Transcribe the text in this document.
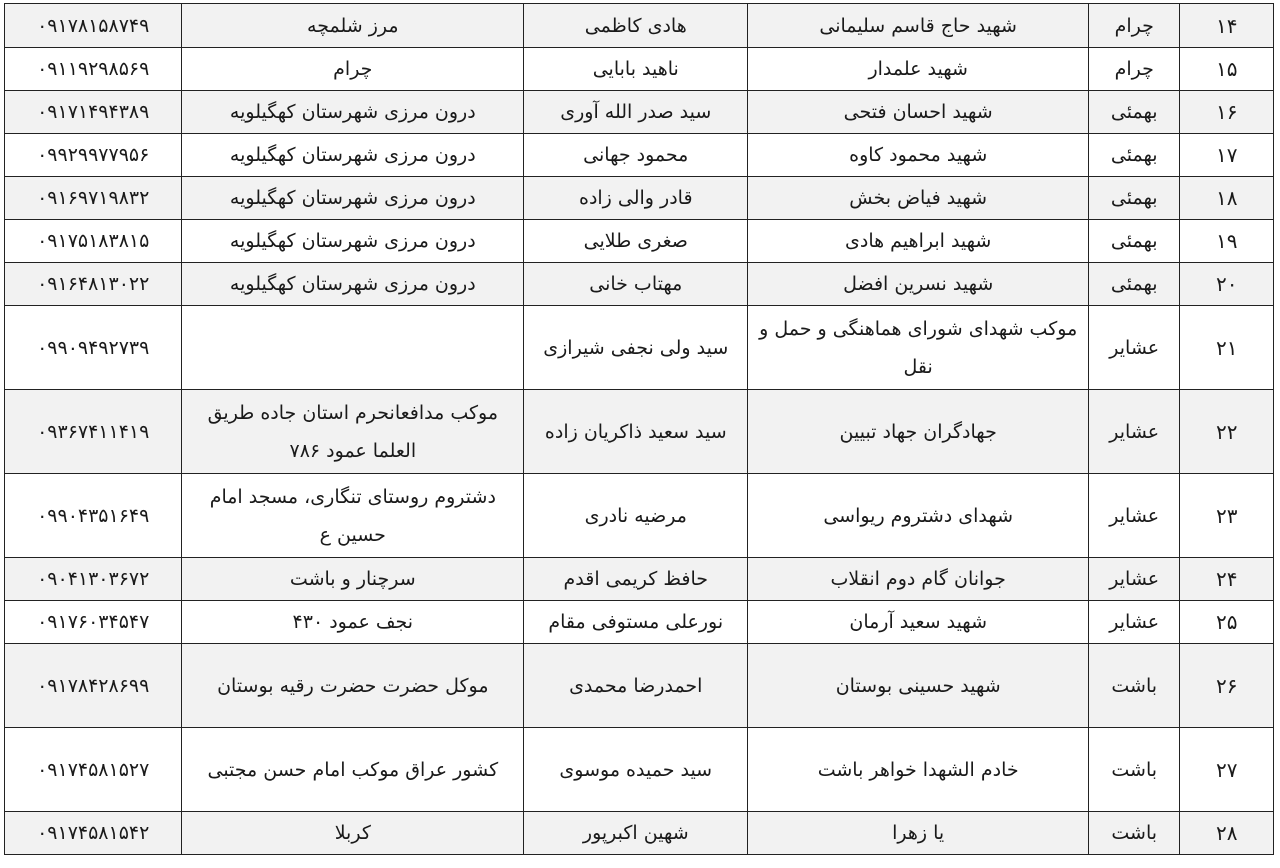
۱۴	چرام	شهید حاج قاسم سلیمانی	هادی کاظمی	مرز شلمچه	۰۹۱۷۸۱۵۸۷۴۹
۱۵	چرام	شهید علمدار	ناهید بابایی	چرام	۰۹۱۱۹۲۹۸۵۶۹
۱۶	بهمئی	شهید احسان فتحی	سید صدر الله آوری	درون مرزی شهرستان کهگیلویه	۰۹۱۷۱۴۹۴۳۸۹
۱۷	بهمئی	شهید محمود کاوه	محمود جهانی	درون مرزی شهرستان کهگیلویه	۰۹۹۲۹۹۷۷۹۵۶
۱۸	بهمئی	شهید فیاض بخش	قادر والی زاده	درون مرزی شهرستان کهگیلویه	۰۹۱۶۹۷۱۹۸۳۲
۱۹	بهمئی	شهید ابراهیم هادی	صغری طلایی	درون مرزی شهرستان کهگیلویه	۰۹۱۷۵۱۸۳۸۱۵
۲۰	بهمئی	شهید نسرین افضل	مهتاب خانی	درون مرزی شهرستان کهگیلویه	۰۹۱۶۴۸۱۳۰۲۲
۲۱	عشایر	موکب شهدای شورای هماهنگی و حمل و نقل	سید ولی نجفی شیرازی		۰۹۹۰۹۴۹۲۷۳۹
۲۲	عشایر	جهادگران جهاد تبیین	سید سعید ذاکریان زاده	موکب مدافعانحرم استان جاده طریق العلما عمود ۷۸۶	۰۹۳۶۷۴۱۱۴۱۹
۲۳	عشایر	شهدای دشتروم ریواسی	مرضیه نادری	دشتروم روستای تنگاری، مسجد امام حسین ع	۰۹۹۰۴۳۵۱۶۴۹
۲۴	عشایر	جوانان گام دوم انقلاب	حافظ کریمی اقدم	سرچنار و باشت	۰۹۰۴۱۳۰۳۶۷۲
۲۵	عشایر	شهید سعید آرمان	نورعلی مستوفی مقام	نجف عمود ۴۳۰	۰۹۱۷۶۰۳۴۵۴۷
۲۶	باشت	شهید حسینی بوستان	احمدرضا محمدی	موکل حضرت حضرت رقیه بوستان	۰۹۱۷۸۴۲۸۶۹۹
۲۷	باشت	خادم الشهدا خواهر باشت	سید حمیده موسوی	کشور عراق موکب امام حسن مجتبی	۰۹۱۷۴۵۸۱۵۲۷
۲۸	باشت	یا زهرا	شهین اکبرپور	کربلا	۰۹۱۷۴۵۸۱۵۴۲
